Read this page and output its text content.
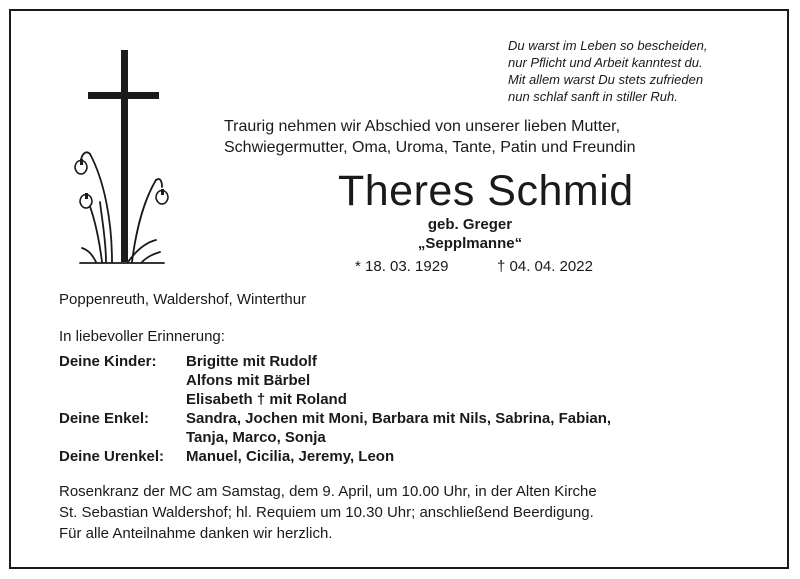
Du warst im Leben so bescheiden,
nur Pflicht und Arbeit kanntest du.
Mit allem warst Du stets zufrieden
nun schlaf sanft in stiller Ruh.
Traurig nehmen wir Abschied von unserer lieben Mutter,
Schwiegermutter, Oma, Uroma, Tante, Patin und Freundin
Theres Schmid
geb. Greger
„Sepplmanne“
* 18. 03. 1929	† 04. 04. 2022
Poppenreuth, Waldershof, Winterthur
In liebevoller Erinnerung:
Deine Kinder:	Brigitte mit Rudolf
Alfons mit Bärbel
Elisabeth † mit Roland
Deine Enkel:	Sandra, Jochen mit Moni, Barbara mit Nils, Sabrina, Fabian,
Tanja, Marco, Sonja
Deine Urenkel:	Manuel, Cicilia, Jeremy, Leon
Rosenkranz der MC am Samstag, dem 9. April, um 10.00 Uhr, in der Alten Kirche
St. Sebastian Waldershof; hl. Requiem um 10.30 Uhr; anschließend Beerdigung.
Für alle Anteilnahme danken wir herzlich.
